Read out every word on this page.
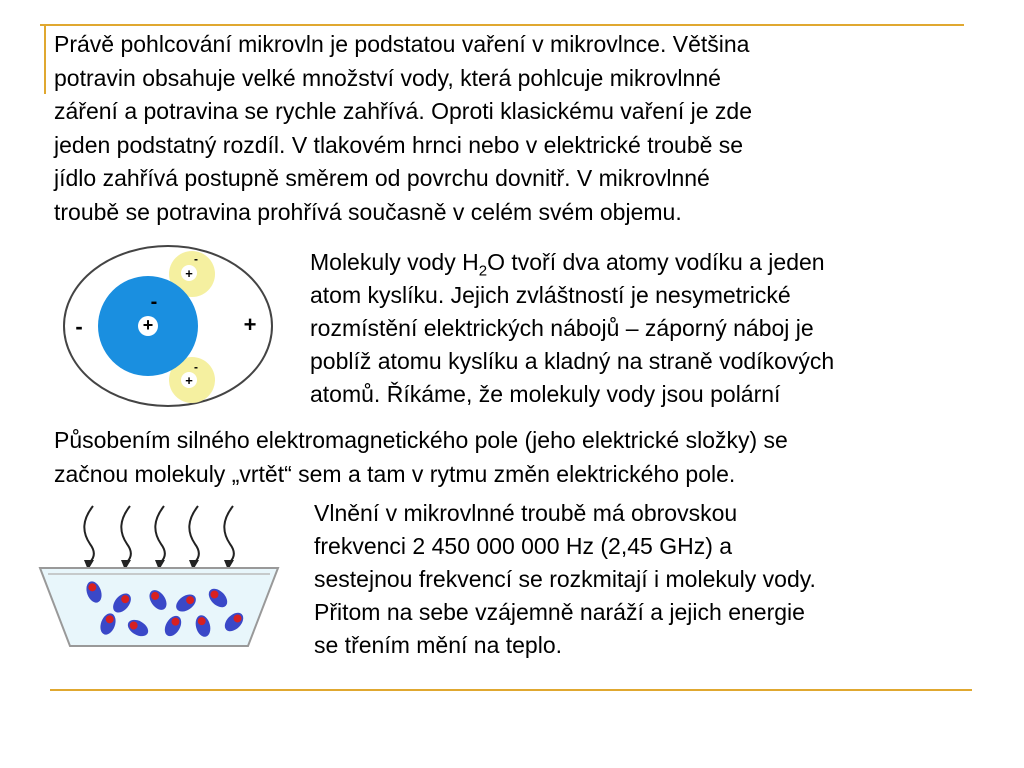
Právě pohlcování mikrovln je podstatou vaření v mikrovlnce. Většina
potravin obsahuje velké množství vody, která pohlcuje mikrovlnné
záření a potravina se rychle zahřívá. Oproti klasickému vaření je zde
jeden podstatný rozdíl. V tlakovém hrnci nebo v elektrické troubě se
jídlo zahřívá postupně směrem od povrchu dovnitř. V mikrovlnné
troubě se potravina prohřívá současně v celém svém objemu.
+
-
-
+
-
+
-	+
Molekuly vody $H_2O$ tvoří dva atomy vodíku a jeden
atom kyslíku. Jejich zvláštností je nesymetrické
rozmístění elektrických nábojů – záporný náboj je
poblíž atomu kyslíku a kladný na straně vodíkových
atomů. Říkáme, že molekuly vody jsou polární
Působením silného elektromagnetického pole (jeho elektrické složky) se
začnou molekuly „vrtět“ sem a tam v rytmu změn elektrického pole.
Vlnění v mikrovlnné troubě má obrovskou
frekvenci 2 450 000 000 Hz (2,45 GHz) a
sestejnou frekvencí se rozkmitají i molekuly vody.
Přitom na sebe vzájemně naráží a jejich energie
se třením mění na teplo.
